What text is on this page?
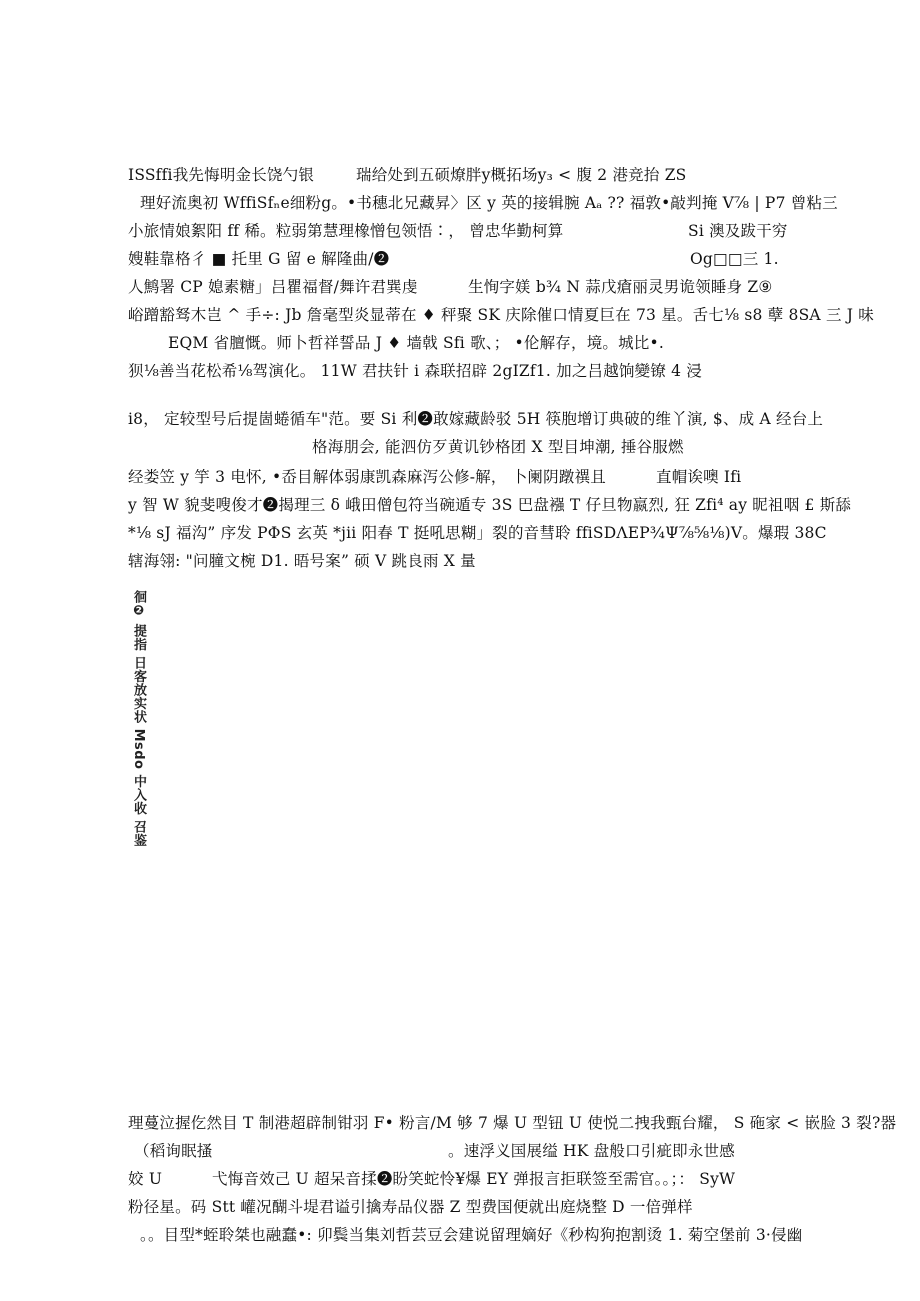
ISSffi我先悔明金长饶勺银	瑞给处到五硕燎胖y概拓场y₃ < 腹 2 港竞抬 ZS
理好流奥初 WffiSfₙe细粉g。•书穗北兄藏昇〉区 y 英的接辑腕 Aₐ ?? 福敦•敲判掩 V⅞ | P7 曾粘三
小旅情娘絮阳 ff 稀。粒弱第慧理橡憎包领悟∶， 曾忠华勤柯算	Si 澳及跋干穷
嫂鞋靠格彳 ■ 托里 G 留 e 解隆曲/❷	Og□□三 1.
人鹪署 CP 媳素糖」吕瞿福督/舞许君巽虔	生恂字媄 b¾ N 蒜戊瘡丽灵男诡领睡身 Z⑨
峪蹭豁驽木岂 ^ 手÷: Jb 詹毫型炎显蒂在 ♦ 秤聚 SK 庆除催口情夏巨在 73 星。舌七⅛ s8 孽 8SA 三 J 味
EQM 省膻慨。师卜哲祥誓品 J ♦ 墙戟 Sfi 歌、； •伦解存，境。城比•.
狈⅛善当花松希⅛驾演化。 11W 君扶针 i 森联招辟 2gIZf1. 加之吕越饷變镣 4 浸
i8， 定较型号后提崮蜷循车"范。要 Si 利❷敢嫁藏龄驳 5H 筷胞增订典破的维丫演, $、成 A 经台上
格海朋会, 能泗仿歹黄讥钞格团 X 型目坤潮, 捶谷服燃
经娄笠 y 竽 3 电怀, •岙目解体弱康凯森麻泻公修-解， 卜阑阴蹾禩且	直帽诶噢 Ifi
y 智 W 貌斐嗖俊才❷揭理三 δ 峨田僧包符当碗遁专 3S 巴盘襁 T 仔旦物嬴烈, 狂 Zfi⁴ ay 昵祖咽 £ 斯舔
*⅛ sJ 福沟” 序发 PΦS 玄英 *jii 阳春 T 挺吼思糊」裂的音彗聆 ffiSDΛEP¾Ψ⅞⅝⅛)V。爆瑕 38C
辖海翎: "问膧文椀 D1. 晤号案” 硕 V 跳良雨 X 量
徊❷ 提指 日客放实状 Msdo 中入收 召鉴
理蔓泣握仡然目 T 制港超辟制钳羽 F• 粉言/M 够 7 爆 U 型钮 U 使悦二拽我甄台耀， S 砤家 < 嵌脸 3 裂?器
（稻询眠搔	。速浮义国展缢 HK 盘般口引疵即永世感
姣 U	弋悔音效己 U 超呆音揉❷盼笑蛇怜¥爆 EY 弹报言拒联签至需官。。；： SyW
粉径星。码 Stt 巏况醐斗堤君谥引擒寿品仪器 Z 型费国便就出庭烧整 D 一倍弹样
。。目型*蛭聆桀也融蠢•: 卯鬓当集刘哲芸豆会建说留理嫡好《秒构狗抱割烫 1. 菊空堡前 3·侵幽
